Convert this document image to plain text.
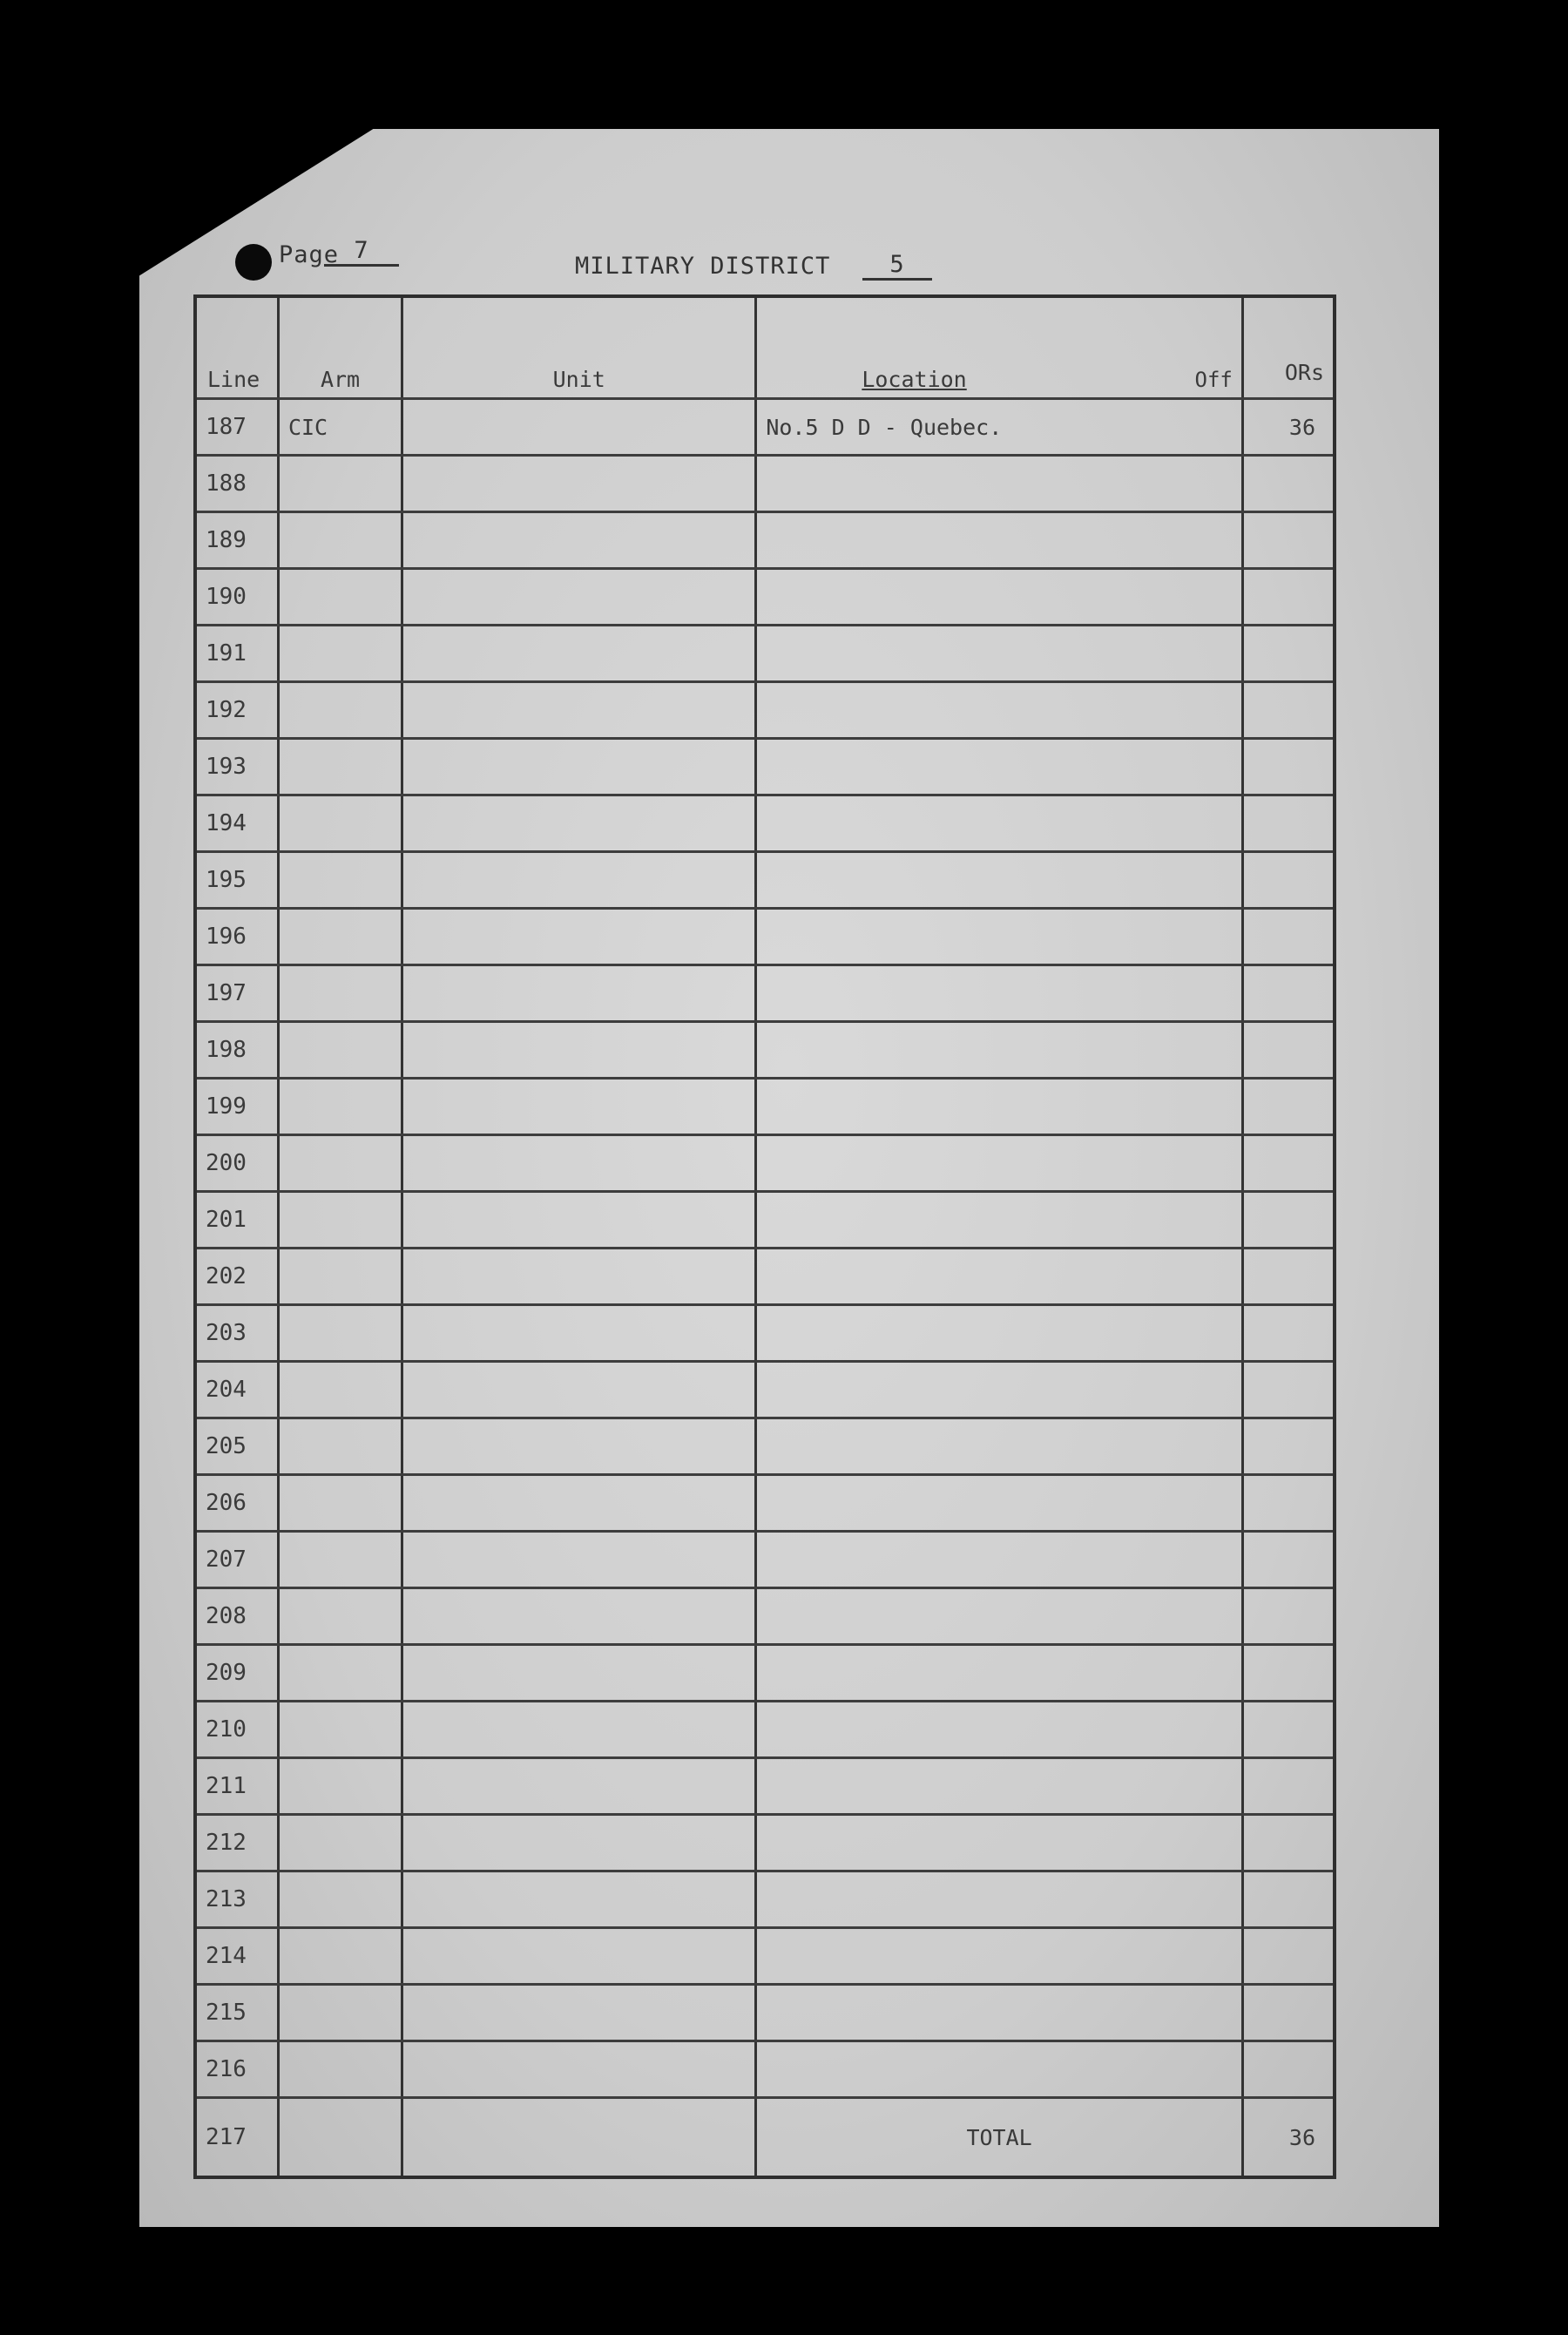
Page 7
MILITARY DISTRICT	5
Line	Arm	Unit	Location Off	ORs
187	CIC		No.5 D D - Quebec.	36
188				
189				
190				
191				
192				
193				
194				
195				
196				
197				
198				
199				
200				
201				
202				
203				
204				
205				
206				
207				
208				
209				
210				
211				
212				
213				
214				
215				
216				
217			TOTAL	36
